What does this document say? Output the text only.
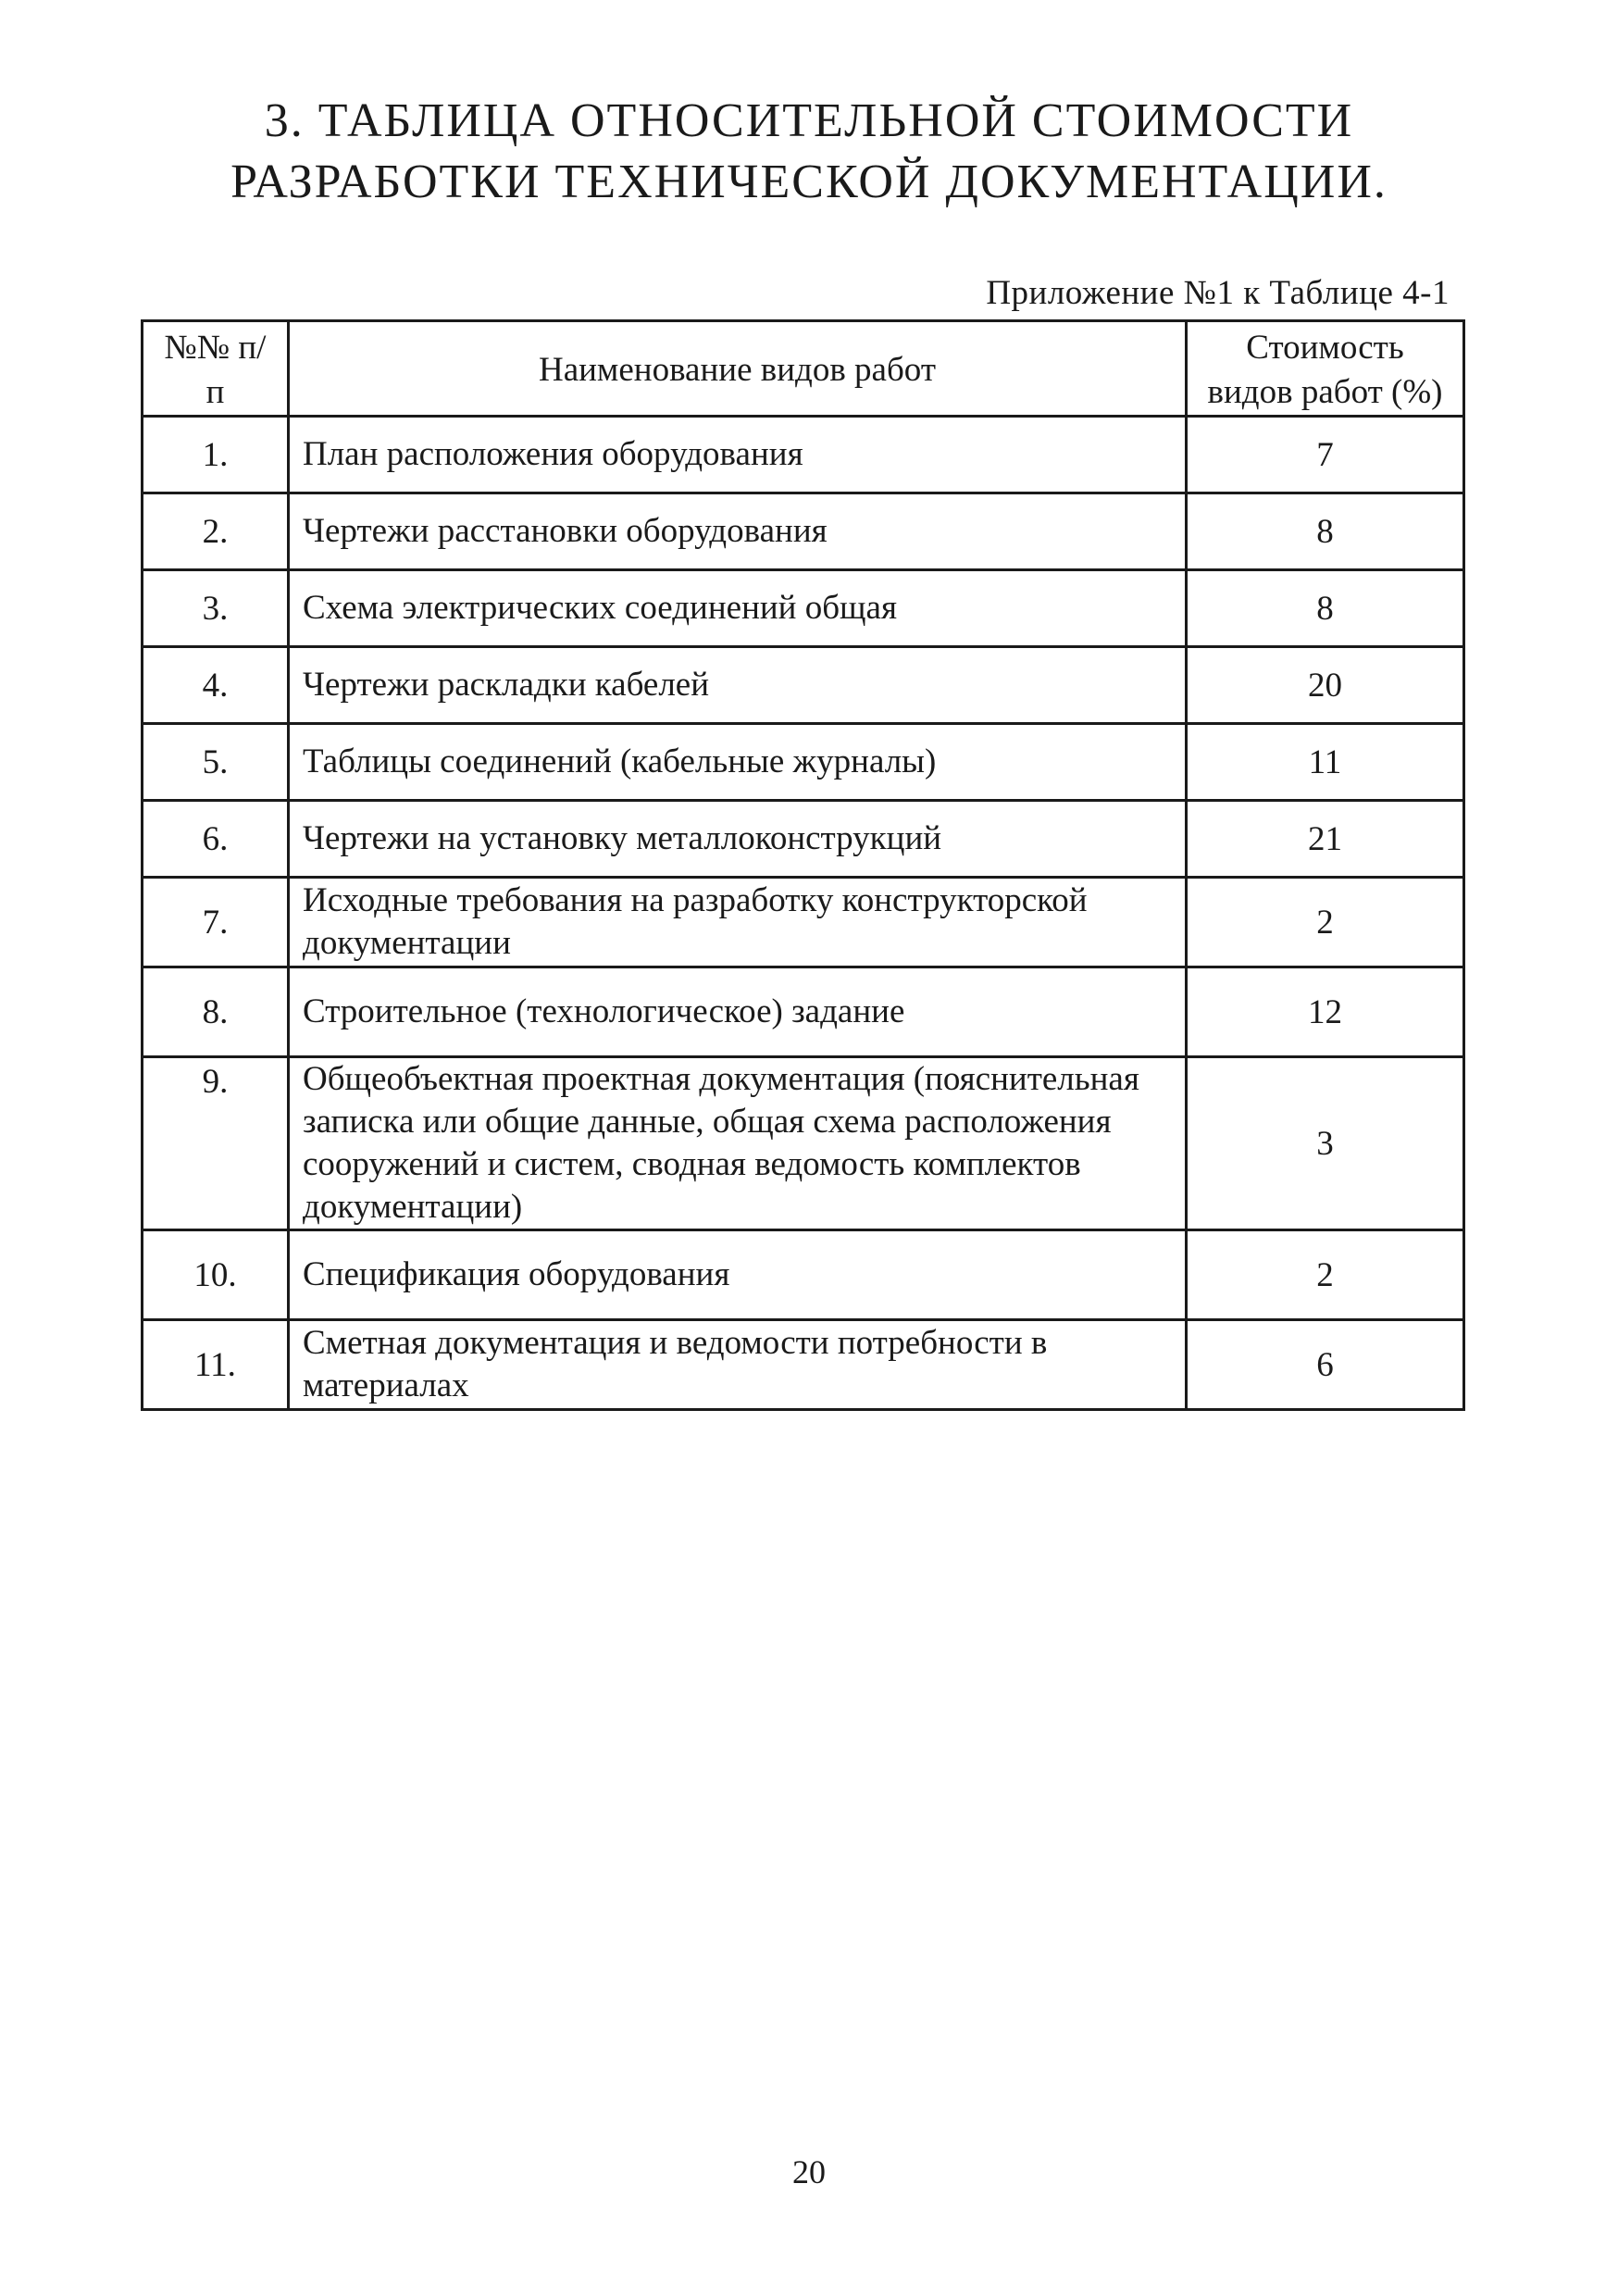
3. ТАБЛИЦА ОТНОСИТЕЛЬНОЙ СТОИМОСТИ
РАЗРАБОТКИ ТЕХНИЧЕСКОЙ ДОКУМЕНТАЦИИ.
Приложение №1 к Таблице 4-1
№№ п/п	Наименование видов работ	Стоимость видов работ (%)
1.	План расположения оборудования	7
2.	Чертежи расстановки оборудования	8
3.	Схема электрических соединений общая	8
4.	Чертежи раскладки кабелей	20
5.	Таблицы соединений (кабельные журналы)	11
6.	Чертежи на установку металлоконструкций	21
7.	Исходные требования на разработку конструкторской документации	2
8.	Строительное (технологическое) задание	12
9.	Общеобъектная проектная документация (пояснительная записка или общие данные, общая схема расположения сооружений и систем, сводная ведомость комплектов документации)	3
10.	Спецификация оборудования	2
11.	Сметная документация и ведомости потребности в материалах	6
20
